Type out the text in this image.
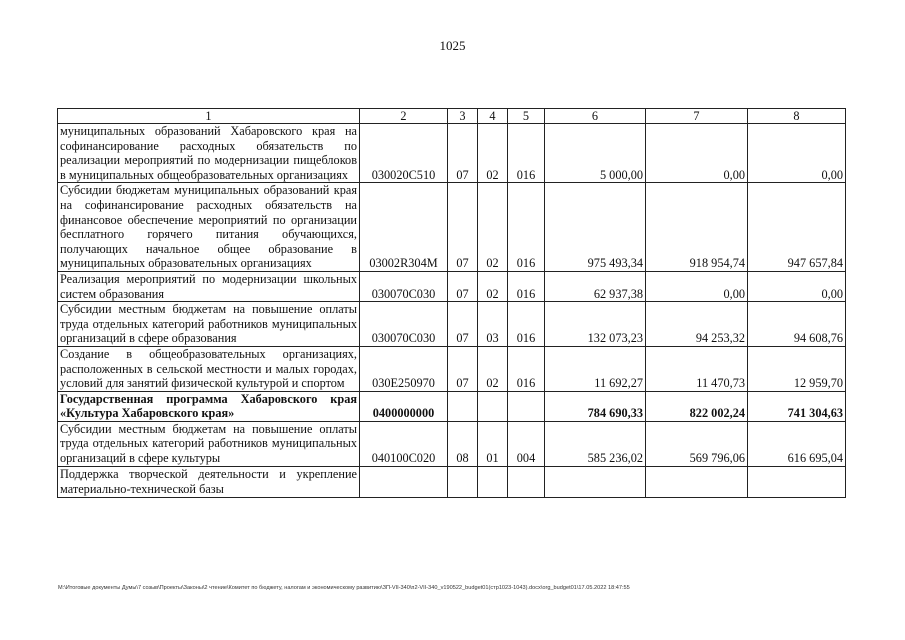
1025
1	2	3	4	5	6	7	8
муниципальных образований Хабаровского края на софинансирование расходных обязательств по реализации мероприятий по модернизации пищеблоков в муниципальных общеобразовательных организациях	030020С510	07	02	016	5 000,00	0,00	0,00
Субсидии бюджетам муниципальных образований края на софинансирование расходных обязательств на финансовое обеспечение мероприятий по организации бесплатного горячего питания обучающихся, получающих начальное общее образование в муниципальных образовательных организациях	03002R304M	07	02	016	975 493,34	918 954,74	947 657,84
Реализация мероприятий по модернизации школьных систем образования	030070С030	07	02	016	62 937,38	0,00	0,00
Субсидии местным бюджетам на повышение оплаты труда отдельных категорий работников муниципальных организаций в сфере образования	030070С030	07	03	016	132 073,23	94 253,32	94 608,76
Создание в общеобразовательных организациях, расположенных в сельской местности и малых городах, условий для занятий физической культурой и спортом	030E250970	07	02	016	11 692,27	11 470,73	12 959,70
Государственная программа Хабаровского края «Культура Хабаровского края»	0400000000				784 690,33	822 002,24	741 304,63
Субсидии местным бюджетам на повышение оплаты труда отдельных категорий работников муниципальных организаций в сфере культуры	040100С020	08	01	004	585 236,02	569 796,06	616 695,04
Поддержка творческой деятельности и укрепление материально-технической базы							
М:\Итоговые документы Думы\7 созыв\Проекты\Законы\2 чтение\Комитет по бюджету, налогам и экономическому развитию\ЗП-VII-340\п2-VII-340_v190522_budget01(стр1023-1043).docx\org_budget01\17.05.2022 18:47:55
